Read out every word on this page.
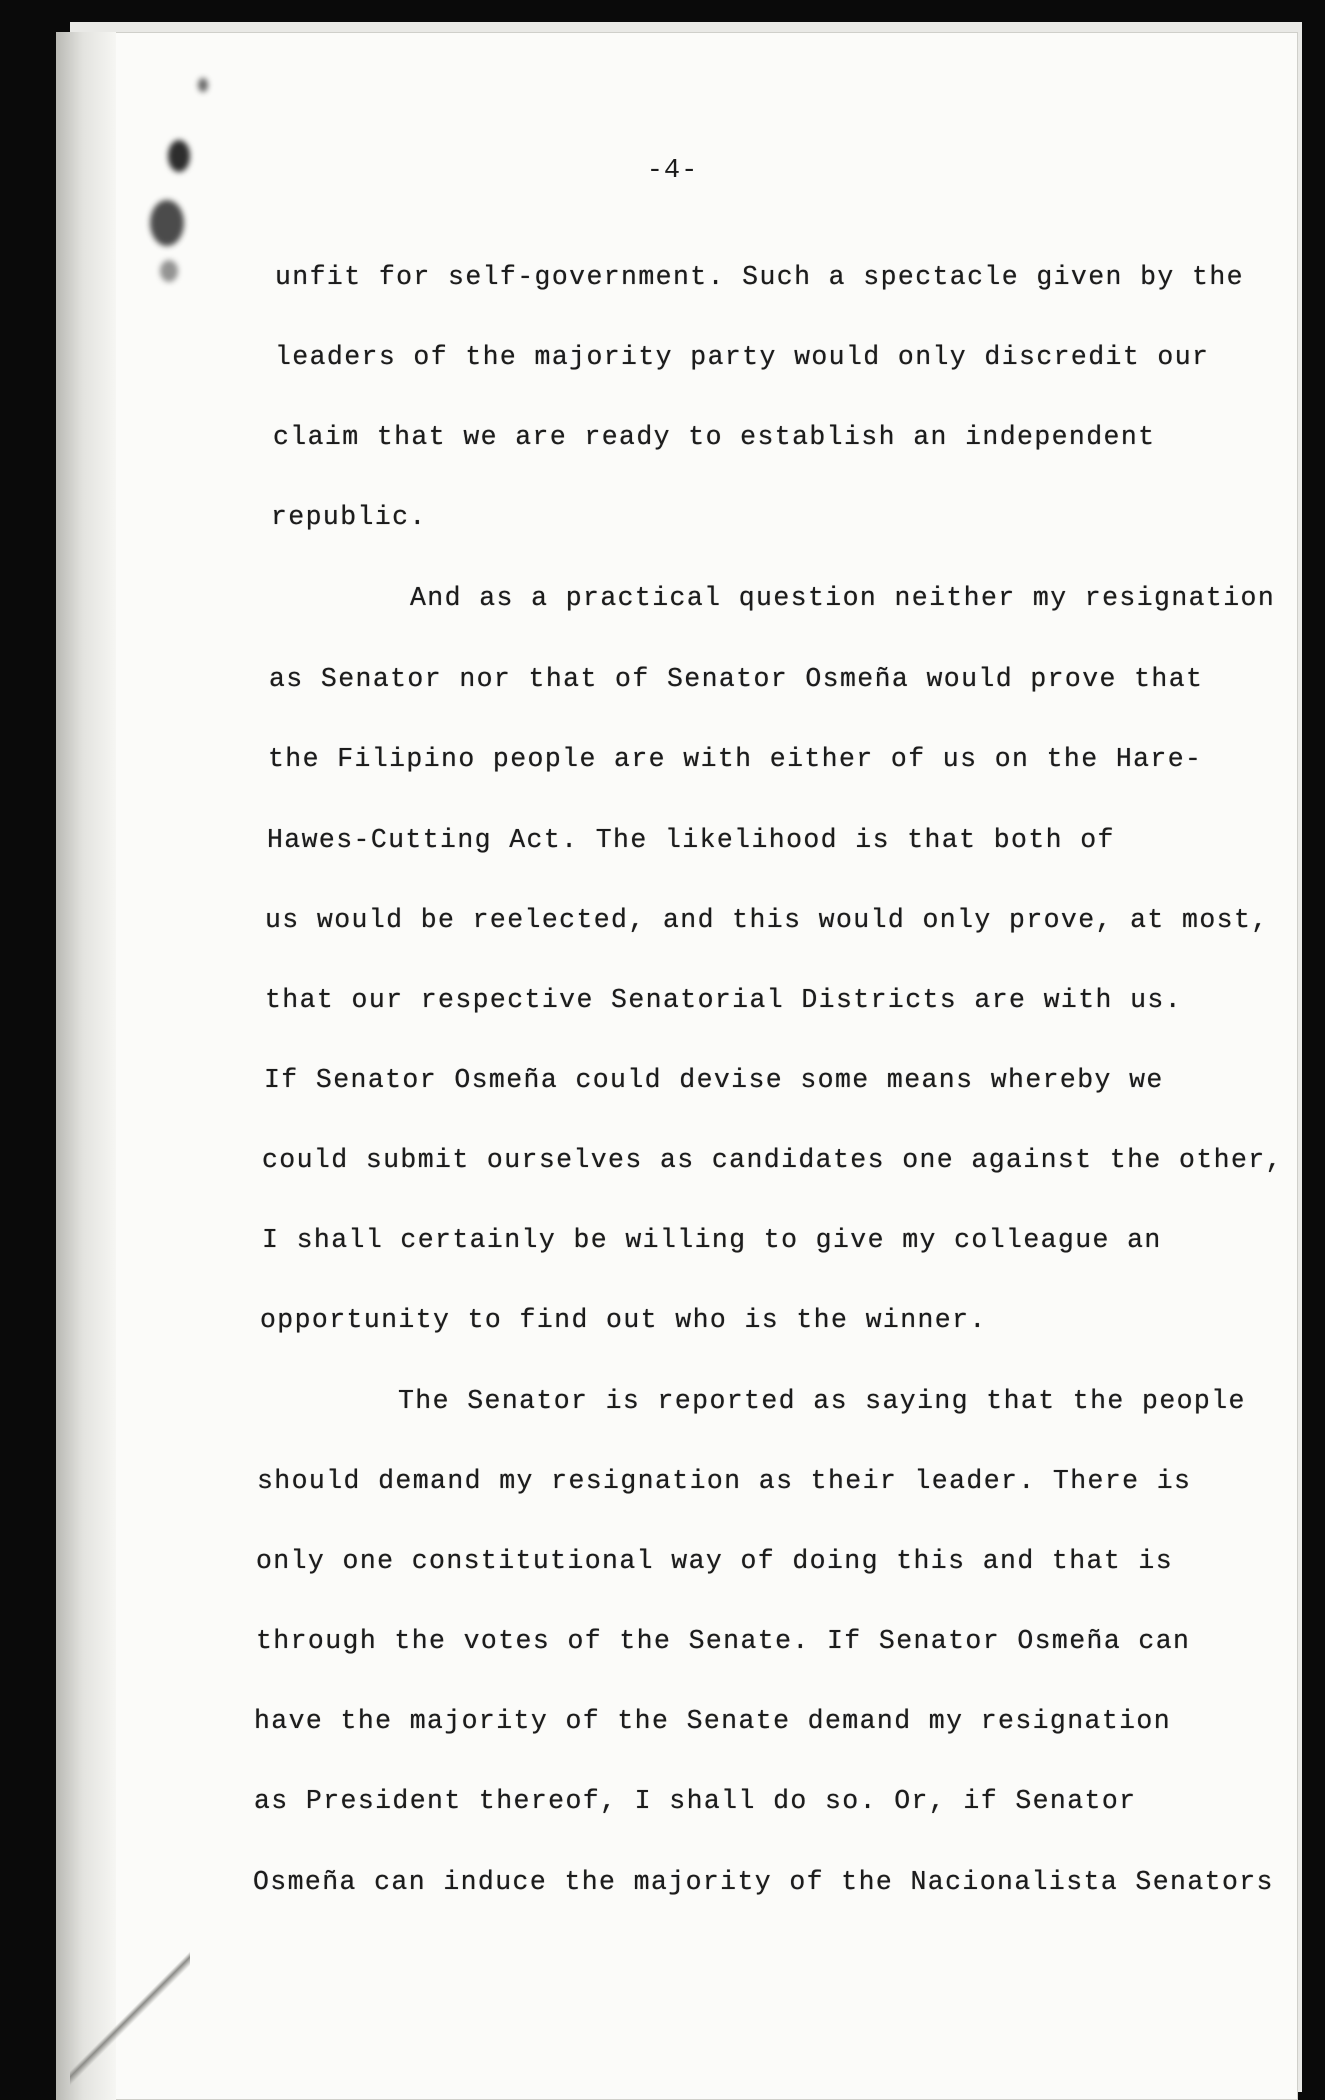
-4-
unfit for self-government. Such a spectacle given by the
leaders of the majority party would only discredit our
claim that we are ready to establish an independent
republic.
And as a practical question neither my resignation
as Senator nor that of Senator Osmeña would prove that
the Filipino people are with either of us on the Hare-
Hawes-Cutting Act. The likelihood is that both of
us would be reelected, and this would only prove, at most,
that our respective Senatorial Districts are with us.
If Senator Osmeña could devise some means whereby we
could submit ourselves as candidates one against the other,
I shall certainly be willing to give my colleague an
opportunity to find out who is the winner.
The Senator is reported as saying that the people
should demand my resignation as their leader. There is
only one constitutional way of doing this and that is
through the votes of the Senate. If Senator Osmeña can
have the majority of the Senate demand my resignation
as President thereof, I shall do so. Or, if Senator
Osmeña can induce the majority of the Nacionalista Senators
